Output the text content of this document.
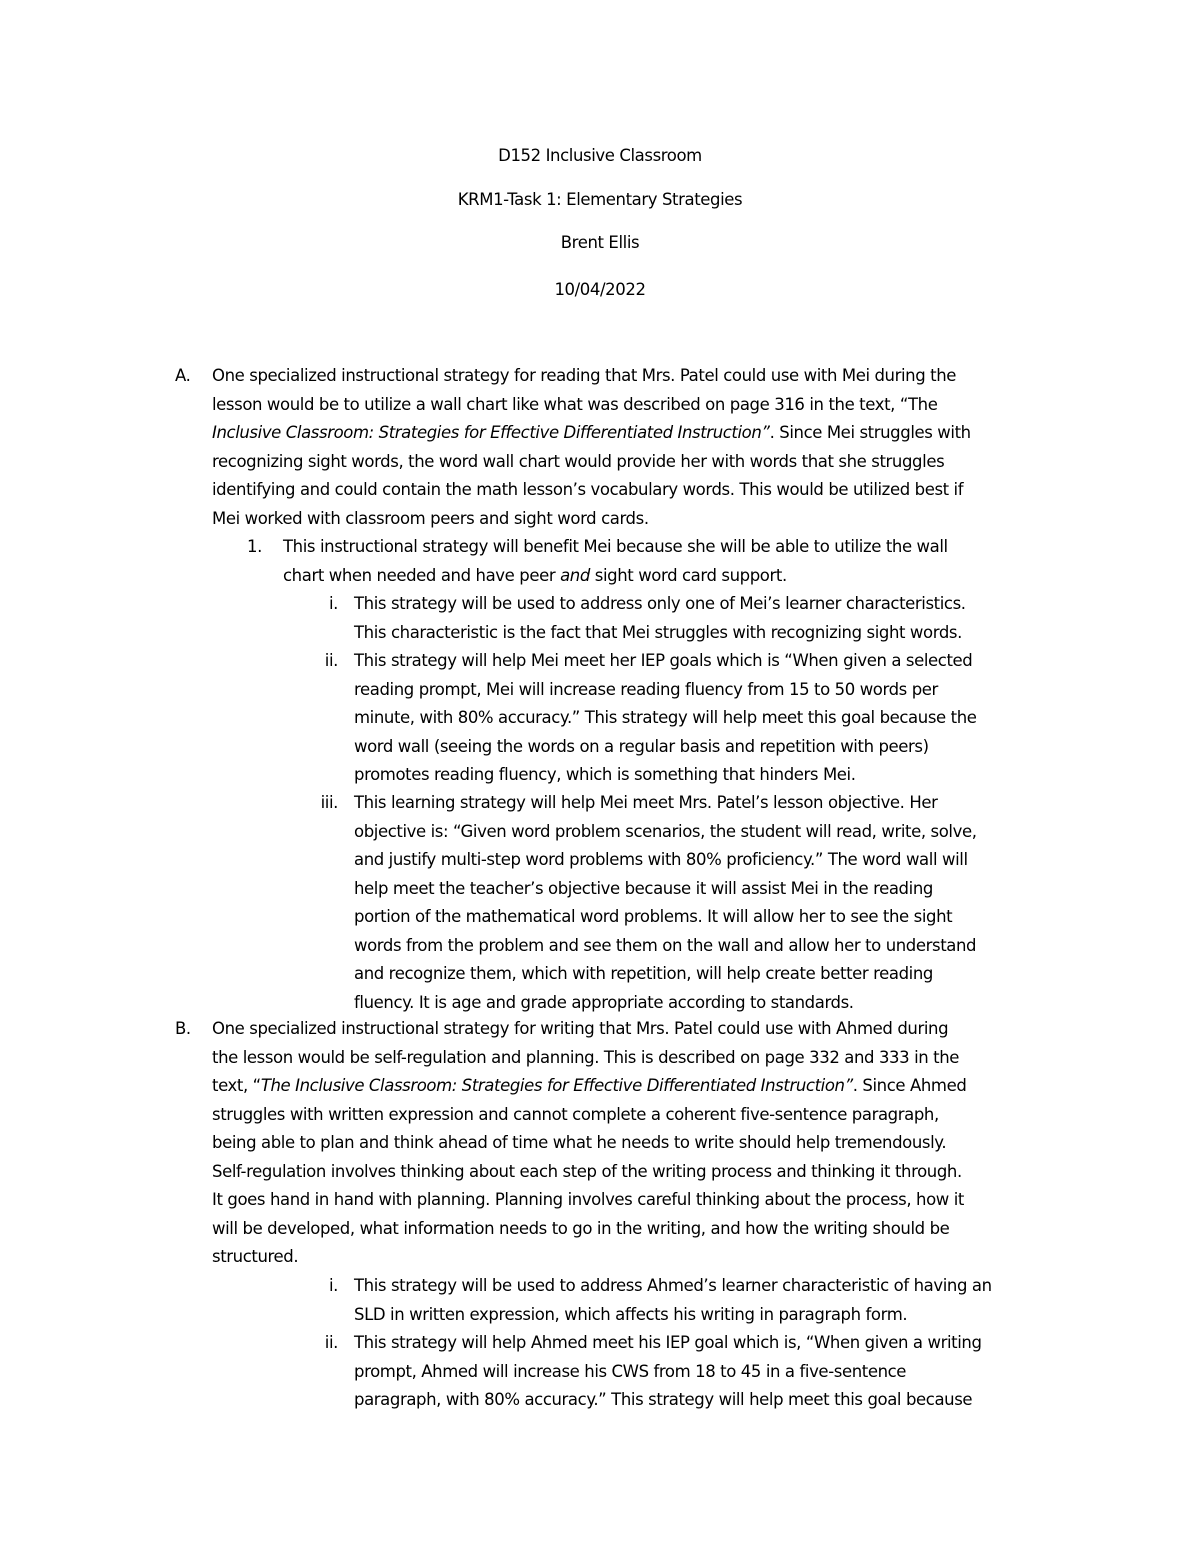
D152 Inclusive Classroom
KRM1-Task 1: Elementary Strategies
Brent Ellis
10/04/2022
A. One specialized instructional strategy for reading that Mrs. Patel could use with Mei during the
lesson would be to utilize a wall chart like what was described on page 316 in the text, “The
Inclusive Classroom: Strategies for Effective Differentiated Instruction”. Since Mei struggles with
recognizing sight words, the word wall chart would provide her with words that she struggles
identifying and could contain the math lesson’s vocabulary words. This would be utilized best if
Mei worked with classroom peers and sight word cards.
1. This instructional strategy will benefit Mei because she will be able to utilize the wall
chart when needed and have peer and sight word card support.
i. This strategy will be used to address only one of Mei’s learner characteristics.
This characteristic is the fact that Mei struggles with recognizing sight words.
ii. This strategy will help Mei meet her IEP goals which is “When given a selected
reading prompt, Mei will increase reading fluency from 15 to 50 words per
minute, with 80% accuracy.” This strategy will help meet this goal because the
word wall (seeing the words on a regular basis and repetition with peers)
promotes reading fluency, which is something that hinders Mei.
iii. This learning strategy will help Mei meet Mrs. Patel’s lesson objective. Her
objective is: “Given word problem scenarios, the student will read, write, solve,
and justify multi-step word problems with 80% proficiency.” The word wall will
help meet the teacher’s objective because it will assist Mei in the reading
portion of the mathematical word problems. It will allow her to see the sight
words from the problem and see them on the wall and allow her to understand
and recognize them, which with repetition, will help create better reading
fluency. It is age and grade appropriate according to standards.
B. One specialized instructional strategy for writing that Mrs. Patel could use with Ahmed during
the lesson would be self-regulation and planning. This is described on page 332 and 333 in the
text, “The Inclusive Classroom: Strategies for Effective Differentiated Instruction”. Since Ahmed
struggles with written expression and cannot complete a coherent five-sentence paragraph,
being able to plan and think ahead of time what he needs to write should help tremendously.
Self-regulation involves thinking about each step of the writing process and thinking it through.
It goes hand in hand with planning. Planning involves careful thinking about the process, how it
will be developed, what information needs to go in the writing, and how the writing should be
structured.
i. This strategy will be used to address Ahmed’s learner characteristic of having an
SLD in written expression, which affects his writing in paragraph form.
ii. This strategy will help Ahmed meet his IEP goal which is, “When given a writing
prompt, Ahmed will increase his CWS from 18 to 45 in a five-sentence
paragraph, with 80% accuracy.” This strategy will help meet this goal because
